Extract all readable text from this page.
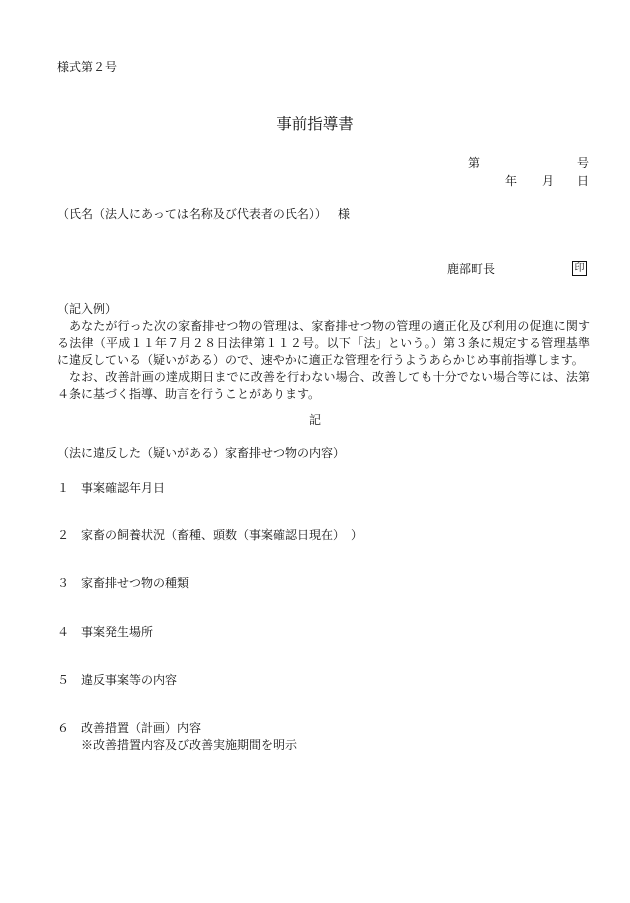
様式第２号
事前指導書
第	号
年 月 日
（氏名（法人にあっては名称及び代表者の氏名）） 様
鹿部町長	印
（記入例）

あなたが行った次の家畜排せつ物の管理は、家畜排せつ物の管理の適正化及び利用の促進に関する法律（平成１１年７月２８日法律第１１２号。以下「法」という。）第３条に規定する管理基準に違反している（疑いがある）ので、速やかに適正な管理を行うようあらかじめ事前指導します。

なお、改善計画の達成期日までに改善を行わない場合、改善しても十分でない場合等には、法第４条に基づく指導、助言を行うことがあります。

記
（法に違反した（疑いがある）家畜排せつ物の内容）
１ 事案確認年月日
２ 家畜の飼養状況（畜種、頭数（事案確認日現在）　）
３ 家畜排せつ物の種類
４ 事案発生場所
５ 違反事案等の内容
６ 改善措置（計画）内容
※改善措置内容及び改善実施期間を明示
